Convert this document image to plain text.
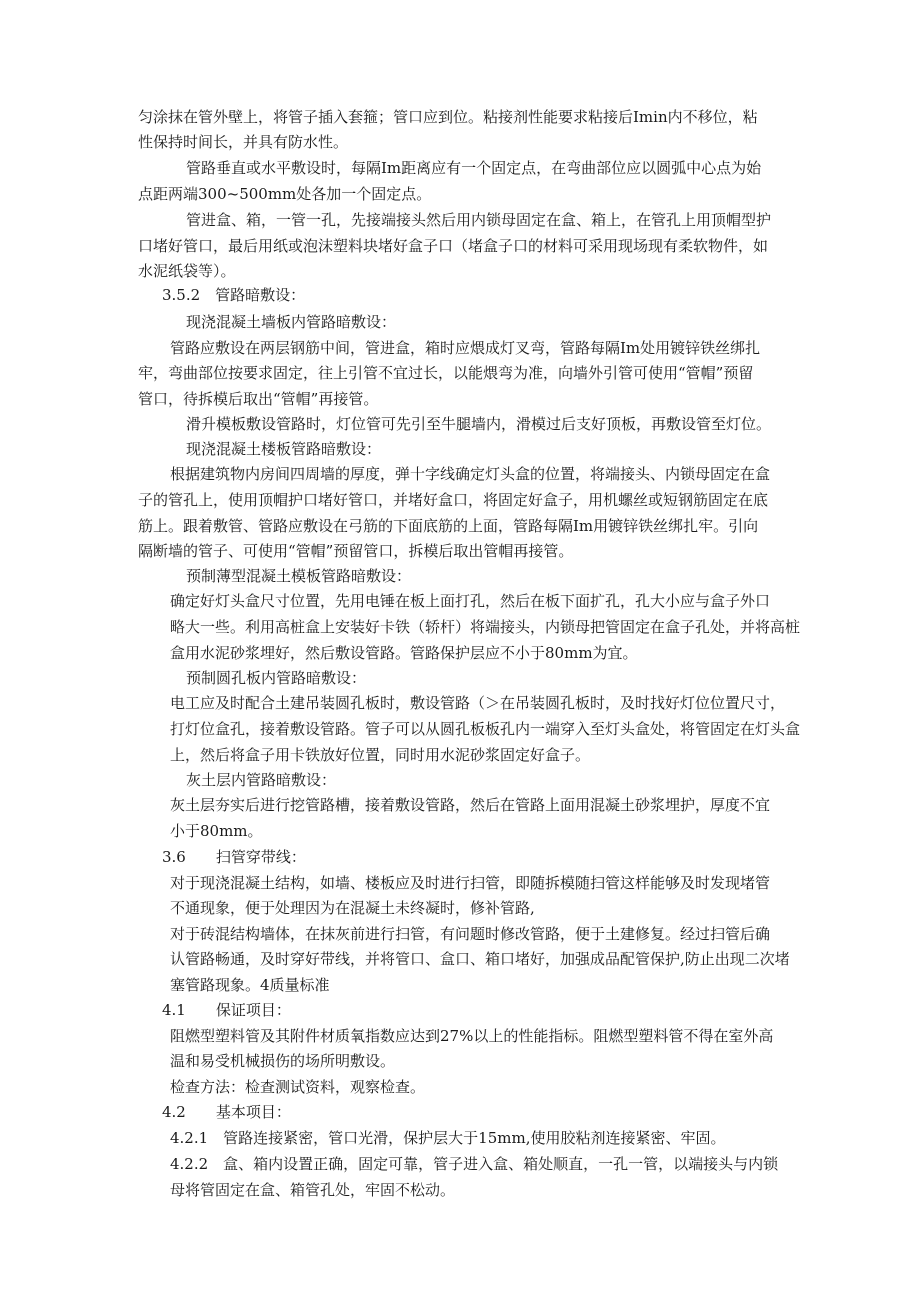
匀涂抹在管外壁上，将管子插入套箍；管口应到位。粘接剂性能要求粘接后Imin内不移位，粘
性保持时间长，并具有防水性。
管路垂直或水平敷设时，每隔Im距离应有一个固定点，在弯曲部位应以圆弧中心点为始
点距两端300~500mm处各加一个固定点。
管进盒、箱，一管一孔，先接端接头然后用内锁母固定在盒、箱上，在管孔上用顶帽型护
口堵好管口，最后用纸或泡沫塑料块堵好盒子口（堵盒子口的材料可采用现场现有柔软物件，如
水泥纸袋等）。
3.5.2　管路暗敷设：
现浇混凝土墙板内管路暗敷设：
管路应敷设在两层钢筋中间，管进盒，箱时应煨成灯叉弯，管路每隔Im处用镀锌铁丝绑扎
牢，弯曲部位按要求固定，往上引管不宜过长，以能煨弯为准，向墙外引管可使用“管帽”预留
管口，待拆模后取出“管帽”再接管。
滑升模板敷设管路时，灯位管可先引至牛腿墙内，滑模过后支好顶板，再敷设管至灯位。
现浇混凝土楼板管路暗敷设：
根据建筑物内房间四周墙的厚度，弹十字线确定灯头盒的位置，将端接头、内锁母固定在盒
子的管孔上，使用顶帽护口堵好管口，并堵好盒口，将固定好盒子，用机螺丝或短钢筋固定在底
筋上。跟着敷管、管路应敷设在弓筋的下面底筋的上面，管路每隔Im用镀锌铁丝绑扎牢。引向
隔断墙的管子、可使用“管帽”预留管口，拆模后取出管帽再接管。
预制薄型混凝土模板管路暗敷设：
确定好灯头盒尺寸位置，先用电锤在板上面打孔，然后在板下面扩孔，孔大小应与盒子外口
略大一些。利用高桩盒上安装好卡铁（轿杆）将端接头，内锁母把管固定在盒子孔处，并将高桩
盒用水泥砂浆埋好，然后敷设管路。管路保护层应不小于80mm为宜。
预制圆孔板内管路暗敷设：
电工应及时配合土建吊装圆孔板时，敷设管路（＞在吊装圆孔板时，及时找好灯位位置尺寸，
打灯位盒孔，接着敷设管路。管子可以从圆孔板板孔内一端穿入至灯头盒处，将管固定在灯头盒
上，然后将盒子用卡铁放好位置，同时用水泥砂浆固定好盒子。
灰土层内管路暗敷设：
灰土层夯实后进行挖管路槽，接着敷设管路，然后在管路上面用混凝土砂浆埋护，厚度不宜
小于80mm。
3.6　　扫管穿带线：
对于现浇混凝土结构，如墙、楼板应及时进行扫管，即随拆模随扫管这样能够及时发现堵管
不通现象，便于处理因为在混凝土未终凝时，修补管路,
对于砖混结构墙体，在抹灰前进行扫管，有问题时修改管路，便于土建修复。经过扫管后确
认管路畅通，及时穿好带线，并将管口、盒口、箱口堵好，加强成品配管保护,防止出现二次堵
塞管路现象。4质量标准
4.1　　保证项目：
阻燃型塑料管及其附件材质氧指数应达到27%以上的性能指标。阻燃型塑料管不得在室外高
温和易受机械损伤的场所明敷设。
检查方法：检查测试资料，观察检查。
4.2　　基本项目：
4.2.1　管路连接紧密，管口光滑，保护层大于15mm,使用胶粘剂连接紧密、牢固。
4.2.2　盒、箱内设置正确，固定可靠，管子进入盒、箱处顺直，一孔一管，以端接头与内锁
母将管固定在盒、箱管孔处，牢固不松动。
